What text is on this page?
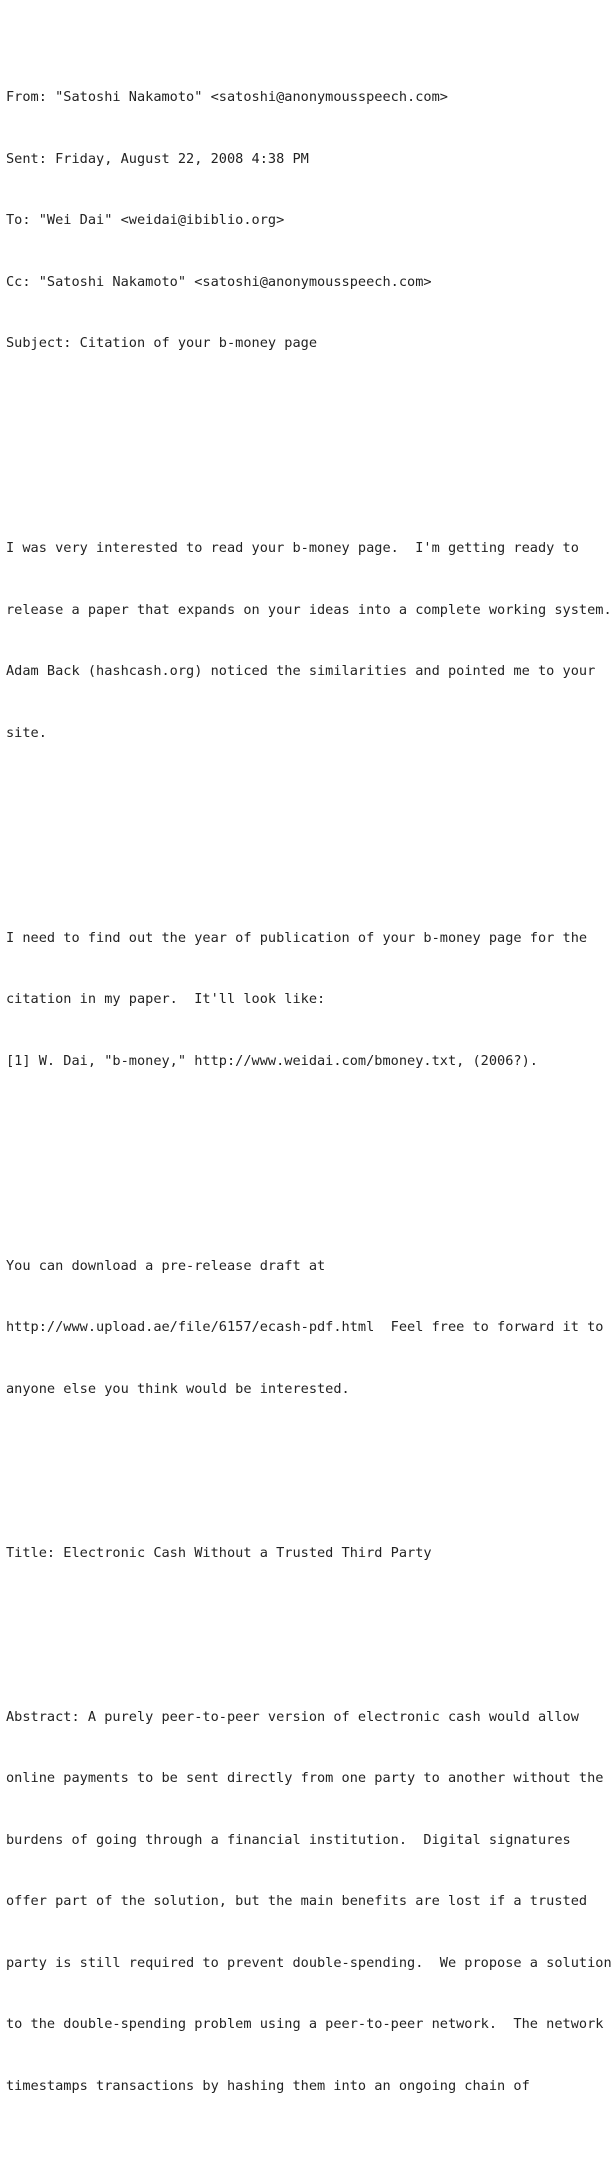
From: "Satoshi Nakamoto" <satoshi@anonymousspeech.com>

Sent: Friday, August 22, 2008 4:38 PM

To: "Wei Dai" <weidai@ibiblio.org>

Cc: "Satoshi Nakamoto" <satoshi@anonymousspeech.com>

Subject: Citation of your b-money page

I was very interested to read your b-money page.  I'm getting ready to

release a paper that expands on your ideas into a complete working system.

Adam Back (hashcash.org) noticed the similarities and pointed me to your

site.

I need to find out the year of publication of your b-money page for the

citation in my paper.  It'll look like:

[1] W. Dai, "b-money," http://www.weidai.com/bmoney.txt, (2006?).

You can download a pre-release draft at

http://www.upload.ae/file/6157/ecash-pdf.html  Feel free to forward it to

anyone else you think would be interested.

Title: Electronic Cash Without a Trusted Third Party

Abstract: A purely peer-to-peer version of electronic cash would allow

online payments to be sent directly from one party to another without the

burdens of going through a financial institution.  Digital signatures

offer part of the solution, but the main benefits are lost if a trusted

party is still required to prevent double-spending.  We propose a solution

to the double-spending problem using a peer-to-peer network.  The network

timestamps transactions by hashing them into an ongoing chain of
